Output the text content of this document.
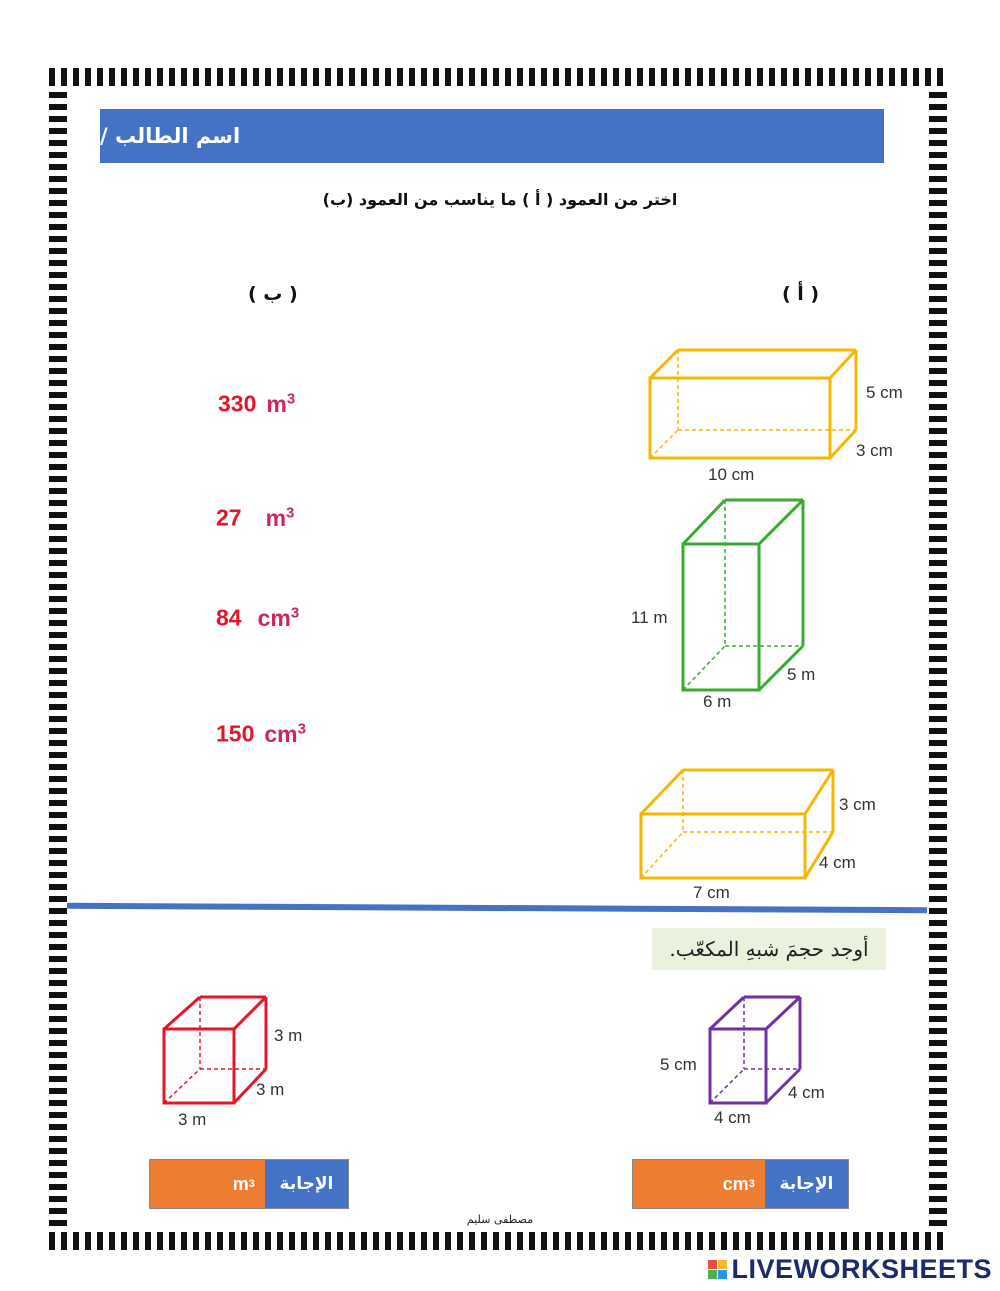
اسم الطالب /
اختر من العمود ( أ ) ما يناسب من العمود (ب)
( أ )
( ب )
330 $m^3$
27 $m^3$
84 $cm^3$
150 $cm^3$
5 cm
3 cm
10 cm
11 m
5 m
6 m
3 cm
4 cm
7 cm
أوجد حجمَ شبهِ المكعّب.
3 m
3 m
3 m
5 cm
4 cm
4 cm
m 3	الإجابة	cm 3	الإجابة
مصطفى سليم
LIVEWORKSHEETS
